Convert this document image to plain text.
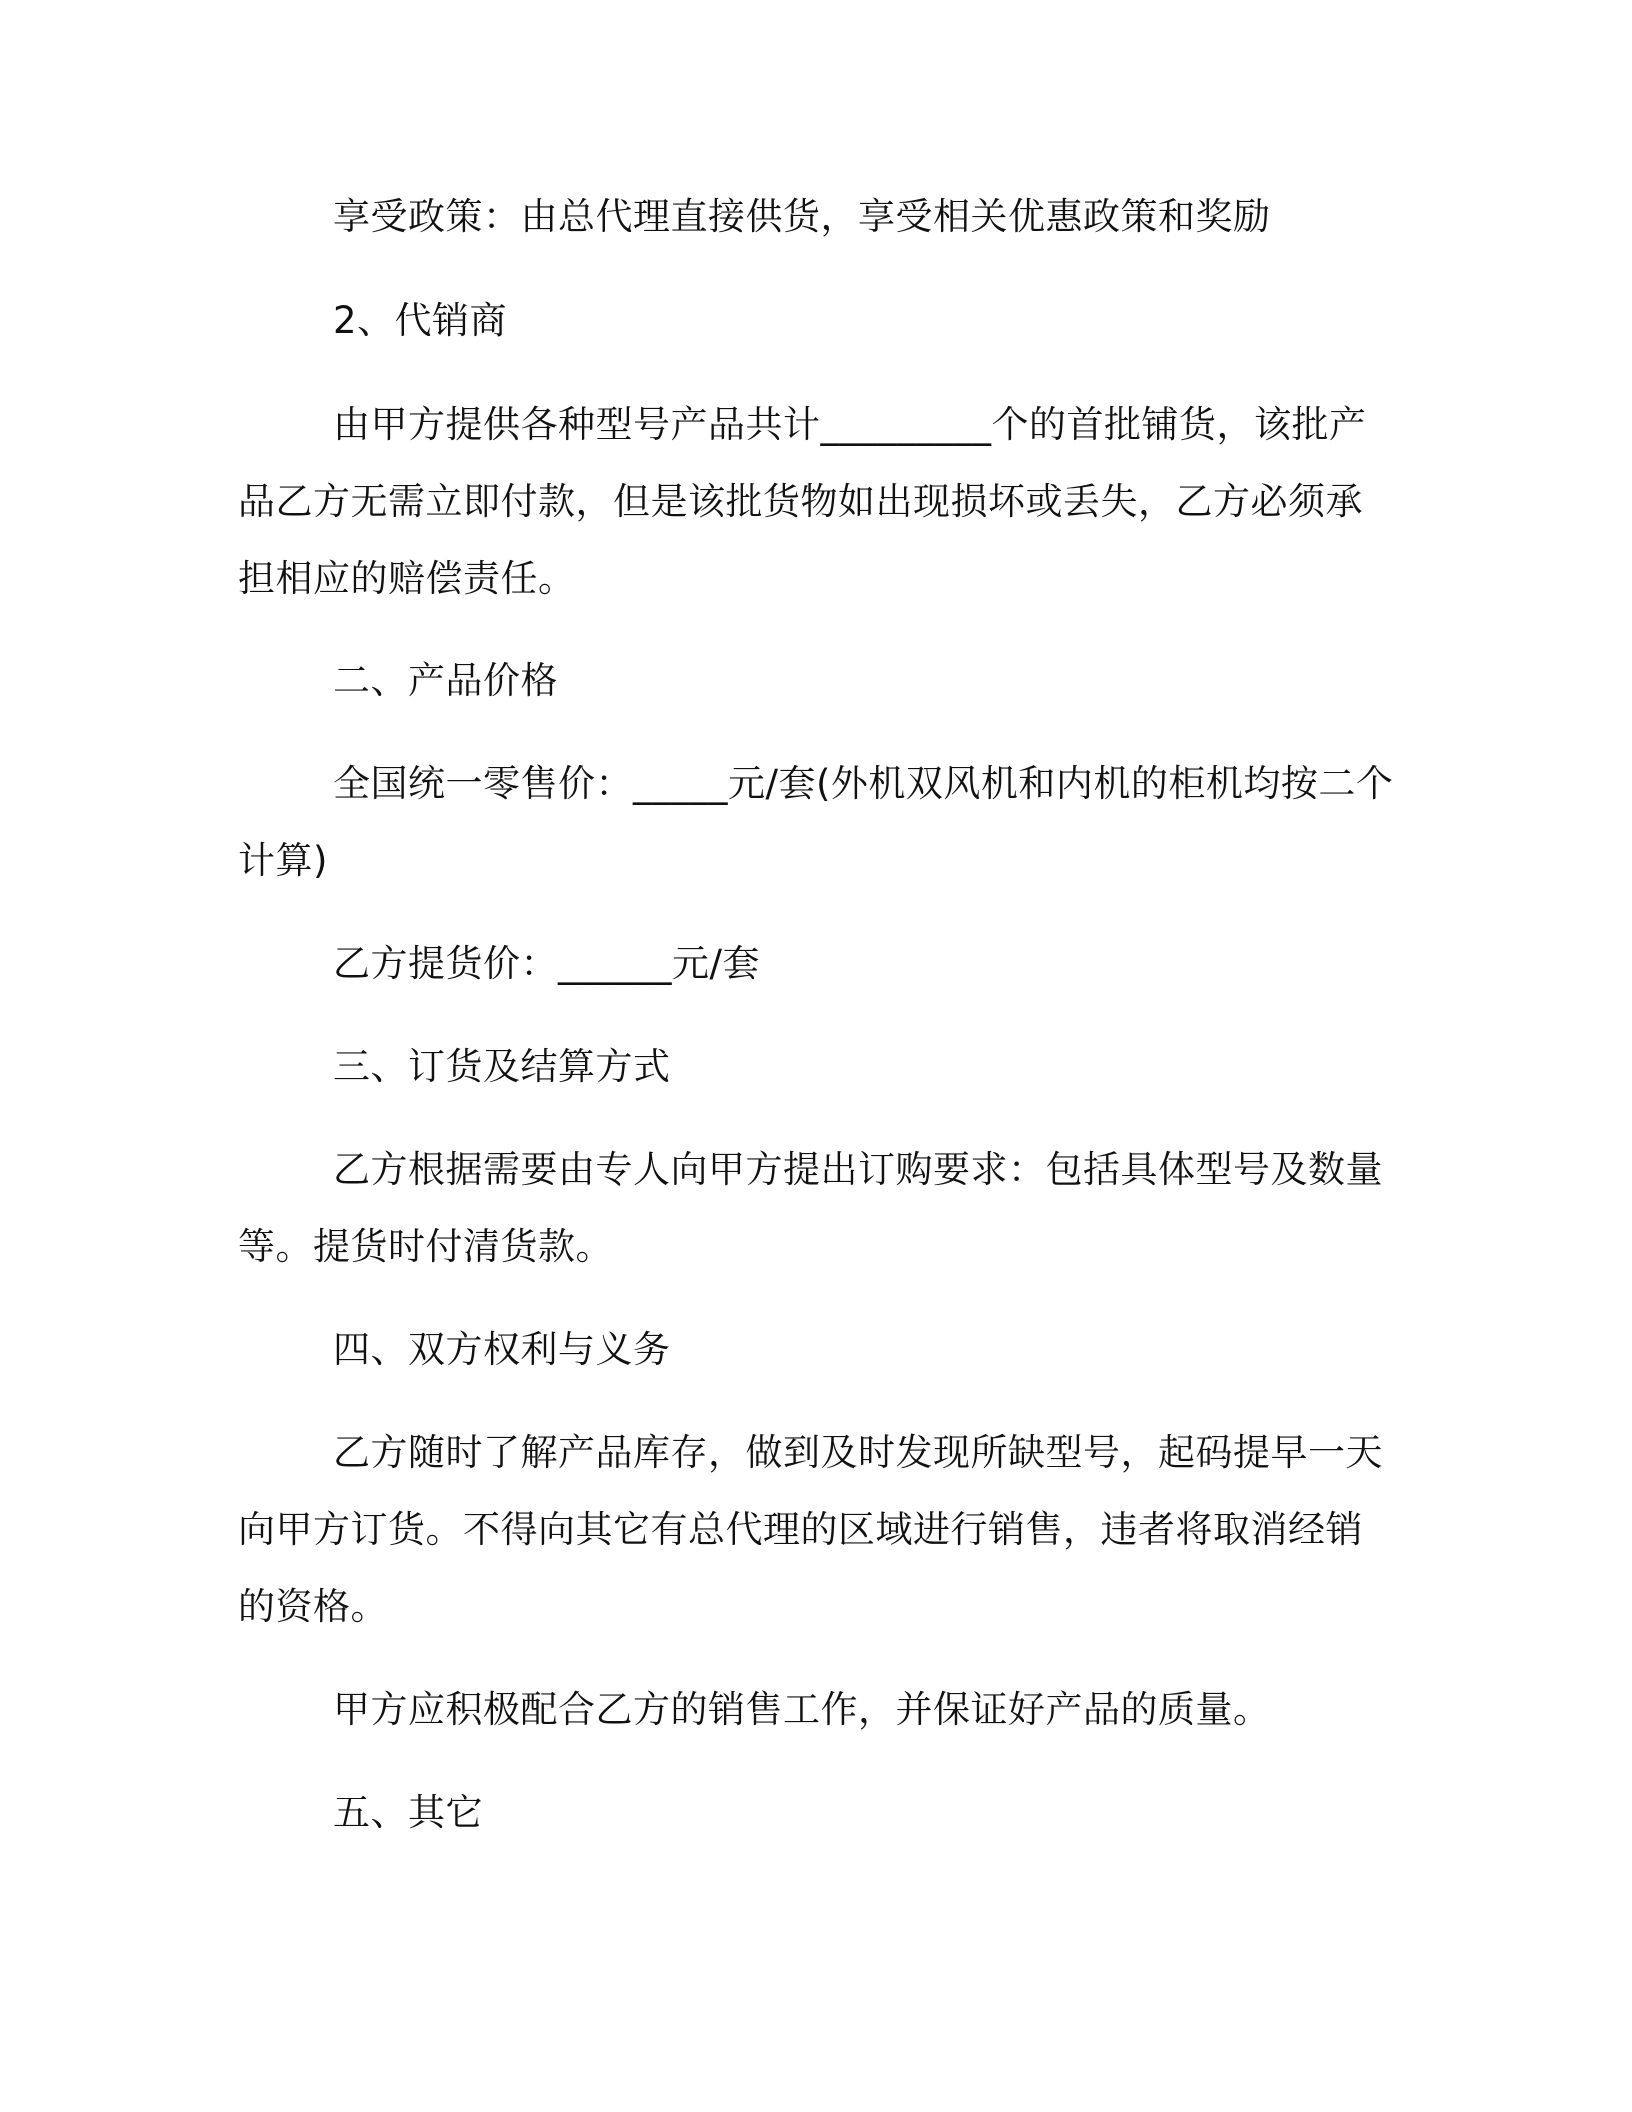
享受政策：由总代理直接供货，享受相关优惠政策和奖励
2、代销商
由甲方提供各种型号产品共计_________个的首批铺货，该批产
品乙方无需立即付款，但是该批货物如出现损坏或丢失，乙方必须承
担相应的赔偿责任。
二、产品价格
全国统一零售价：_____元/套(外机双风机和内机的柜机均按二个
计算)
乙方提货价：______元/套
三、订货及结算方式
乙方根据需要由专人向甲方提出订购要求：包括具体型号及数量
等。提货时付清货款。
四、双方权利与义务
乙方随时了解产品库存，做到及时发现所缺型号，起码提早一天
向甲方订货。不得向其它有总代理的区域进行销售，违者将取消经销
的资格。
甲方应积极配合乙方的销售工作，并保证好产品的质量。
五、其它
